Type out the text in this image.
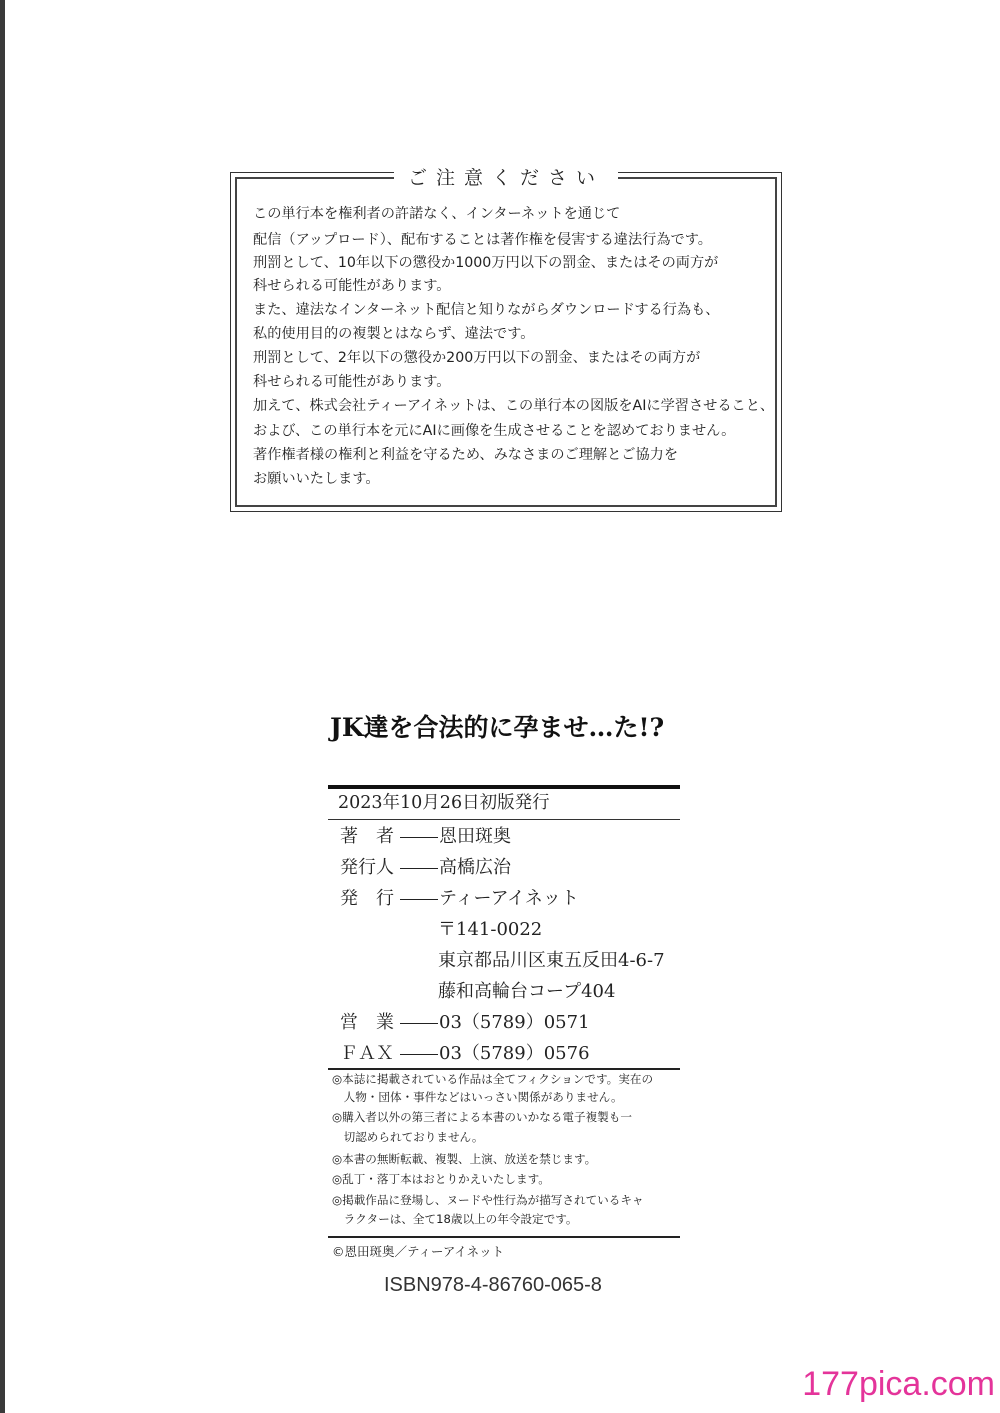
ご注意ください
この単行本を権利者の許諾なく、インターネットを通じて
配信（アップロード）、配布することは著作権を侵害する違法行為です。
刑罰として、10年以下の懲役か1000万円以下の罰金、またはその両方が
科せられる可能性があります。
また、違法なインターネット配信と知りながらダウンロードする行為も、
私的使用目的の複製とはならず、違法です。
刑罰として、2年以下の懲役か200万円以下の罰金、またはその両方が
科せられる可能性があります。
加えて、株式会社ティーアイネットは、この単行本の図版をAIに学習させること、
および、この単行本を元にAIに画像を生成させることを認めておりません。
著作権者様の権利と利益を守るため、みなさまのご理解とご協力を
お願いいたします。
JK達を合法的に孕ませ…た!?
2023年10月26日初版発行
著　者	恩田斑奥
発行人	高橋広治
発　行	ティーアイネット
〒141-0022
東京都品川区東五反田4-6-7
藤和高輪台コープ404
営　業	03（5789）0571
ＦＡＸ	03（5789）0576
◎本誌に掲載されている作品は全てフィクションです。実在の
　人物・団体・事件などはいっさい関係がありません。
◎購入者以外の第三者による本書のいかなる電子複製も一
　切認められておりません。
◎本書の無断転載、複製、上演、放送を禁じます。
◎乱丁・落丁本はおとりかえいたします。
◎掲載作品に登場し、ヌードや性行為が描写されているキャ
　ラクターは、全て18歳以上の年令設定です。
©恩田斑奥／ティーアイネット
ISBN978-4-86760-065-8
177pica.com
